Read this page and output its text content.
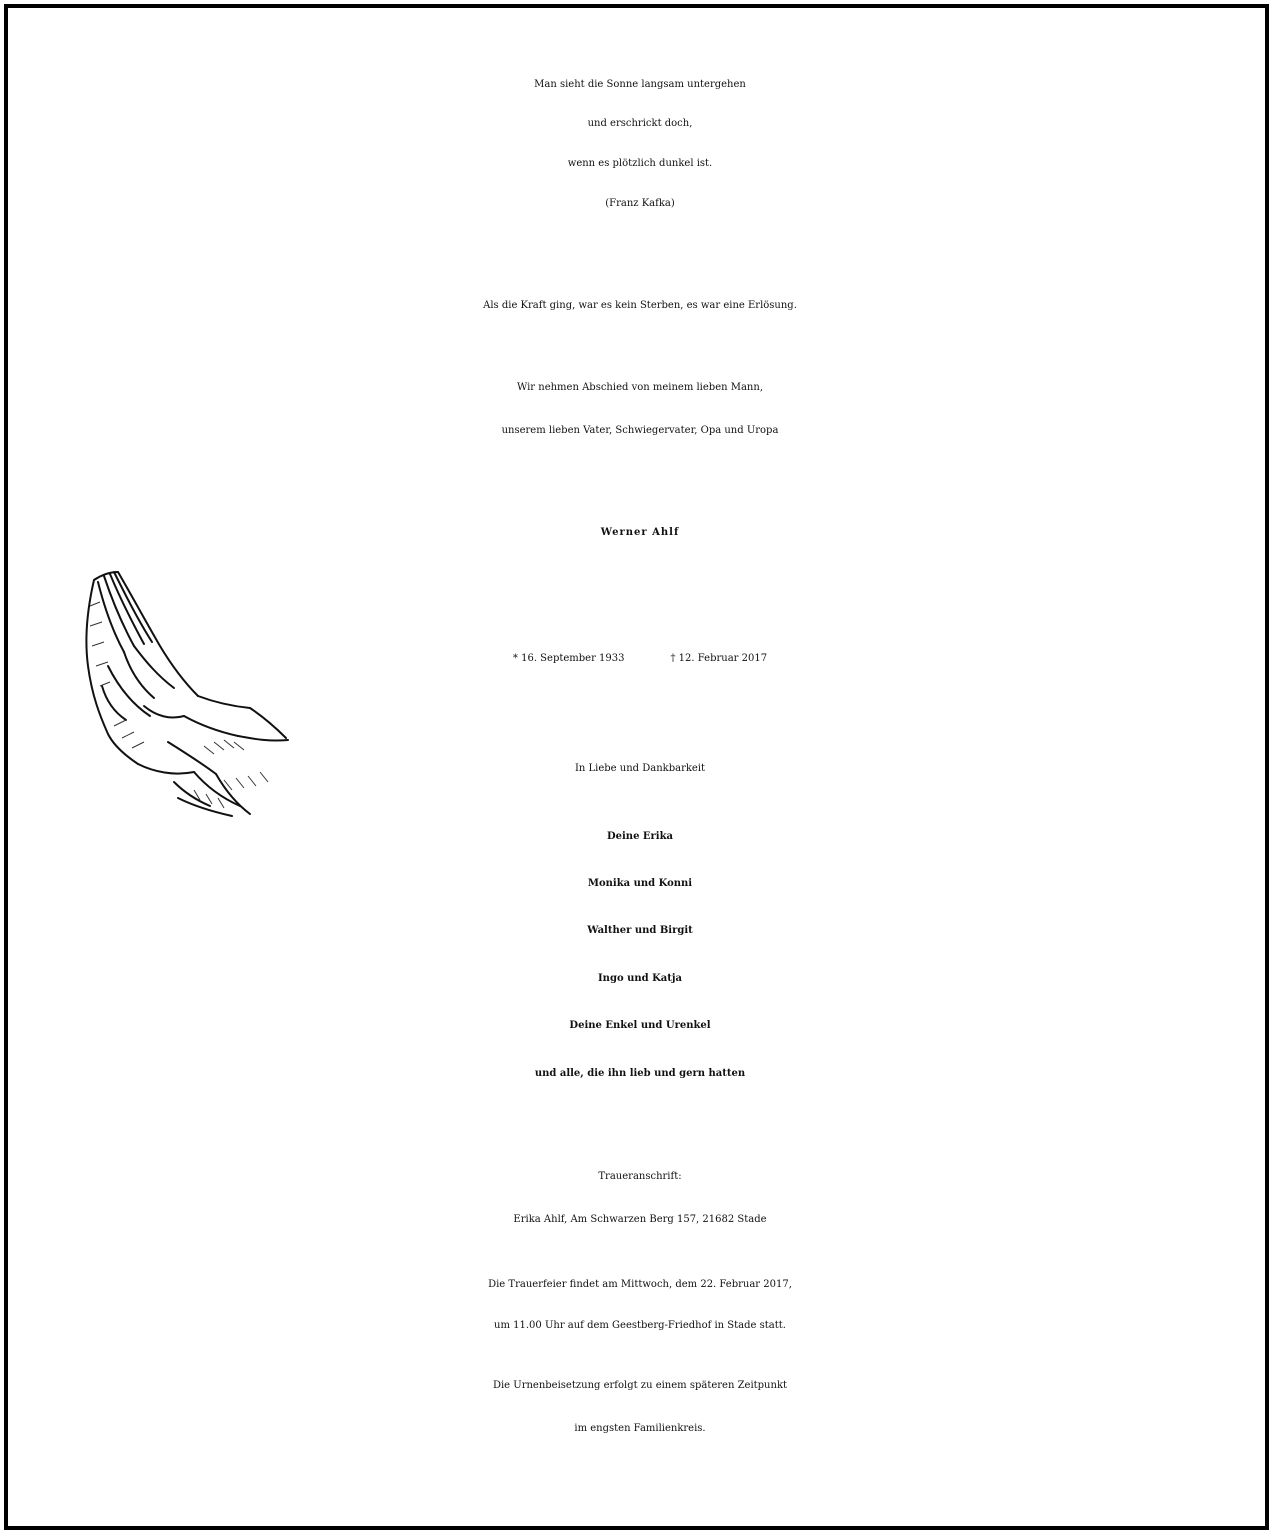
Man sieht die Sonne langsam untergehen
und erschrickt doch,
wenn es plötzlich dunkel ist.
(Franz Kafka)
Als die Kraft ging, war es kein Sterben, es war eine Erlösung.
Wir nehmen Abschied von meinem lieben Mann,
unserem lieben Vater, Schwiegervater, Opa und Uropa
Werner Ahlf
* 16. September 1933	† 12. Februar 2017
In Liebe und Dankbarkeit
Deine Erika
Monika und Konni
Walther und Birgit
Ingo und Katja
Deine Enkel und Urenkel
und alle, die ihn lieb und gern hatten
Traueranschrift:
Erika Ahlf, Am Schwarzen Berg 157, 21682 Stade
Die Trauerfeier findet am Mittwoch, dem 22. Februar 2017,
um 11.00 Uhr auf dem Geestberg-Friedhof in Stade statt.
Die Urnenbeisetzung erfolgt zu einem späteren Zeitpunkt
im engsten Familienkreis.
